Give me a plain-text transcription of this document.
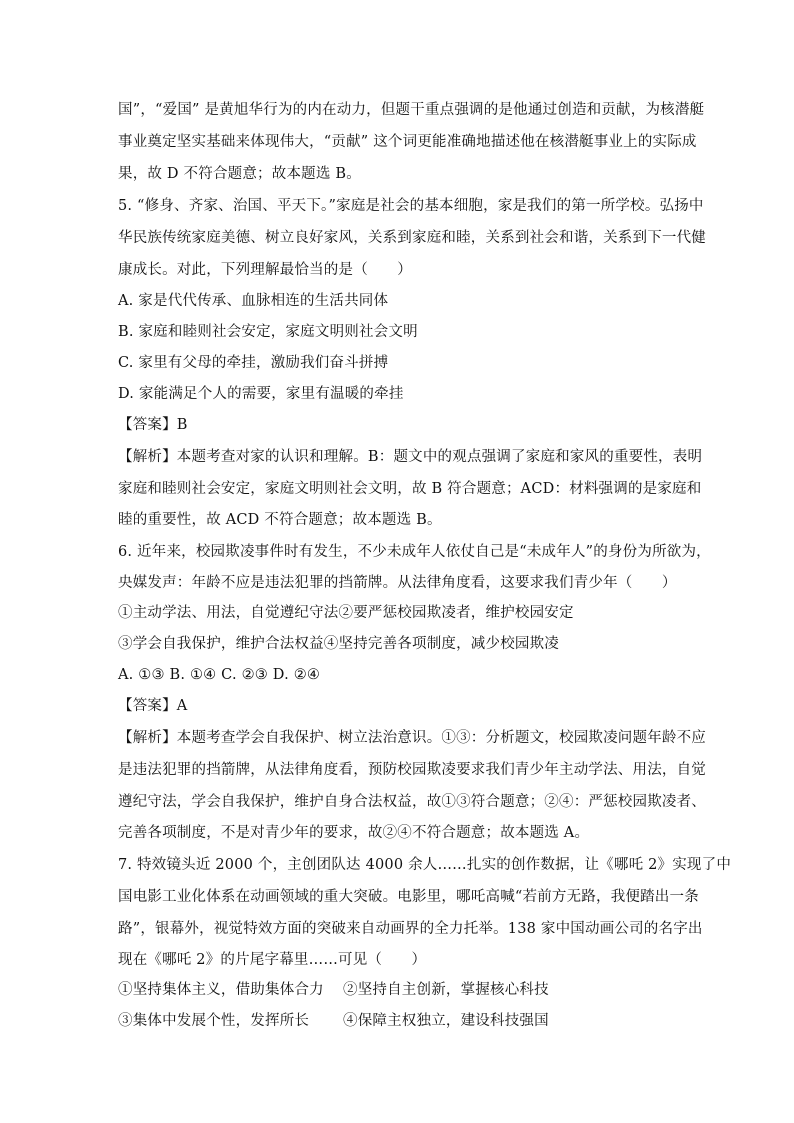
国”，“爱国” 是黄旭华行为的内在动力，但题干重点强调的是他通过创造和贡献，为核潜艇
事业奠定坚实基础来体现伟大，“贡献” 这个词更能准确地描述他在核潜艇事业上的实际成
果，故 D 不符合题意；故本题选 B。
5. “修身、齐家、治国、平天下。”家庭是社会的基本细胞，家是我们的第一所学校。弘扬中
华民族传统家庭美德、树立良好家风，关系到家庭和睦，关系到社会和谐，关系到下一代健
康成长。对此，下列理解最恰当的是（　　）
A. 家是代代传承、血脉相连的生活共同体
B. 家庭和睦则社会安定，家庭文明则社会文明
C. 家里有父母的牵挂，激励我们奋斗拼搏
D. 家能满足个人的需要，家里有温暖的牵挂
【答案】B
【解析】本题考查对家的认识和理解。B：题文中的观点强调了家庭和家风的重要性，表明
家庭和睦则社会安定，家庭文明则社会文明，故 B 符合题意；ACD：材料强调的是家庭和
睦的重要性，故 ACD 不符合题意；故本题选 B。
6. 近年来，校园欺凌事件时有发生，不少未成年人依仗自己是“未成年人”的身份为所欲为，
央媒发声：年龄不应是违法犯罪的挡箭牌。从法律角度看，这要求我们青少年（　　）
①主动学法、用法，自觉遵纪守法②要严惩校园欺凌者，维护校园安定
③学会自我保护，维护合法权益④坚持完善各项制度，减少校园欺凌
A. ①③ B. ①④ C. ②③ D. ②④
【答案】A
【解析】本题考查学会自我保护、树立法治意识。①③：分析题文，校园欺凌问题年龄不应
是违法犯罪的挡箭牌，从法律角度看，预防校园欺凌要求我们青少年主动学法、用法，自觉
遵纪守法，学会自我保护，维护自身合法权益，故①③符合题意；②④：严惩校园欺凌者、
完善各项制度，不是对青少年的要求，故②④不符合题意；故本题选 A。
7. 特效镜头近 2000 个，主创团队达 4000 余人……扎实的创作数据，让《哪吒 2》实现了中
国电影工业化体系在动画领域的重大突破。电影里，哪吒高喊“若前方无路，我便踏出一条
路”，银幕外，视觉特效方面的突破来自动画界的全力托举。138 家中国动画公司的名字出
现在《哪吒 2》的片尾字幕里……可见（　　）
①坚持集体主义，借助集体合力 ②坚持自主创新，掌握核心科技
③集体中发展个性，发挥所长	④保障主权独立，建设科技强国
